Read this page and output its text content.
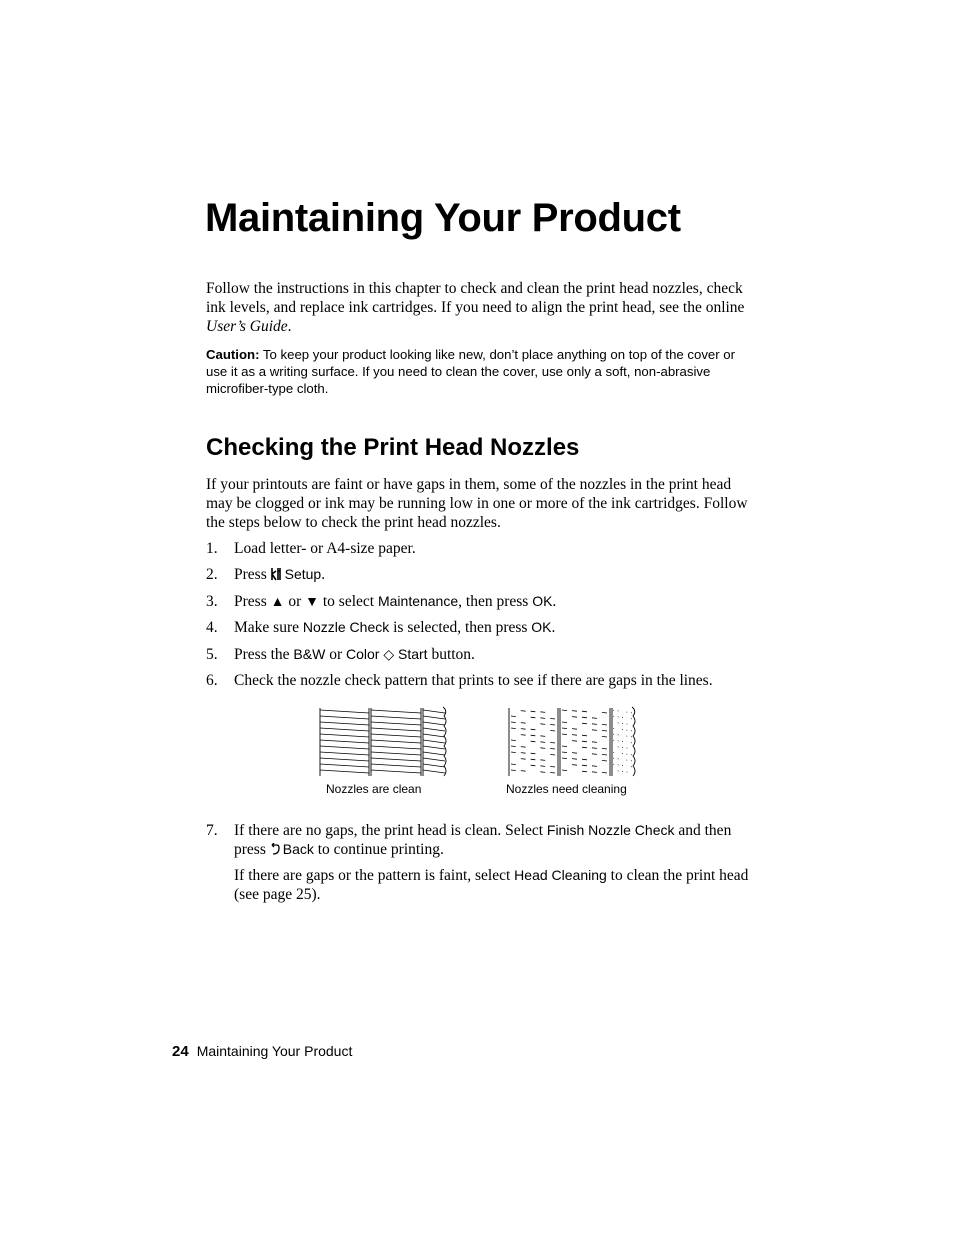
Maintaining Your Product

Follow the instructions in this chapter to check and clean the print head nozzles, check ink levels, and replace ink cartridges. If you need to align the print head, see the online User’s Guide.

Caution: To keep your product looking like new, don’t place anything on top of the cover or use it as a writing surface. If you need to clean the cover, use only a soft, non-abrasive microfiber-type cloth.

Checking the Print Head Nozzles

If your printouts are faint or have gaps in them, some of the nozzles in the print head may be clogged or ink may be running low in one or more of the ink cartridges. Follow the steps below to check the print head nozzles.

1. Load letter- or A4-size paper.
2. Press Setup.
3. Press ▲ or ▼ to select Maintenance, then press OK.
4. Make sure Nozzle Check is selected, then press OK.
5. Press the B&W or Color ◇ Start button.
6. Check the nozzle check pattern that prints to see if there are gaps in the lines.
Nozzles are clean	Nozzles need cleaning
7. If there are no gaps, the print head is clean. Select Finish Nozzle Check and then press Back to continue printing.

If there are gaps or the pattern is faint, select Head Cleaning to clean the print head (see page 25).

24 Maintaining Your Product
